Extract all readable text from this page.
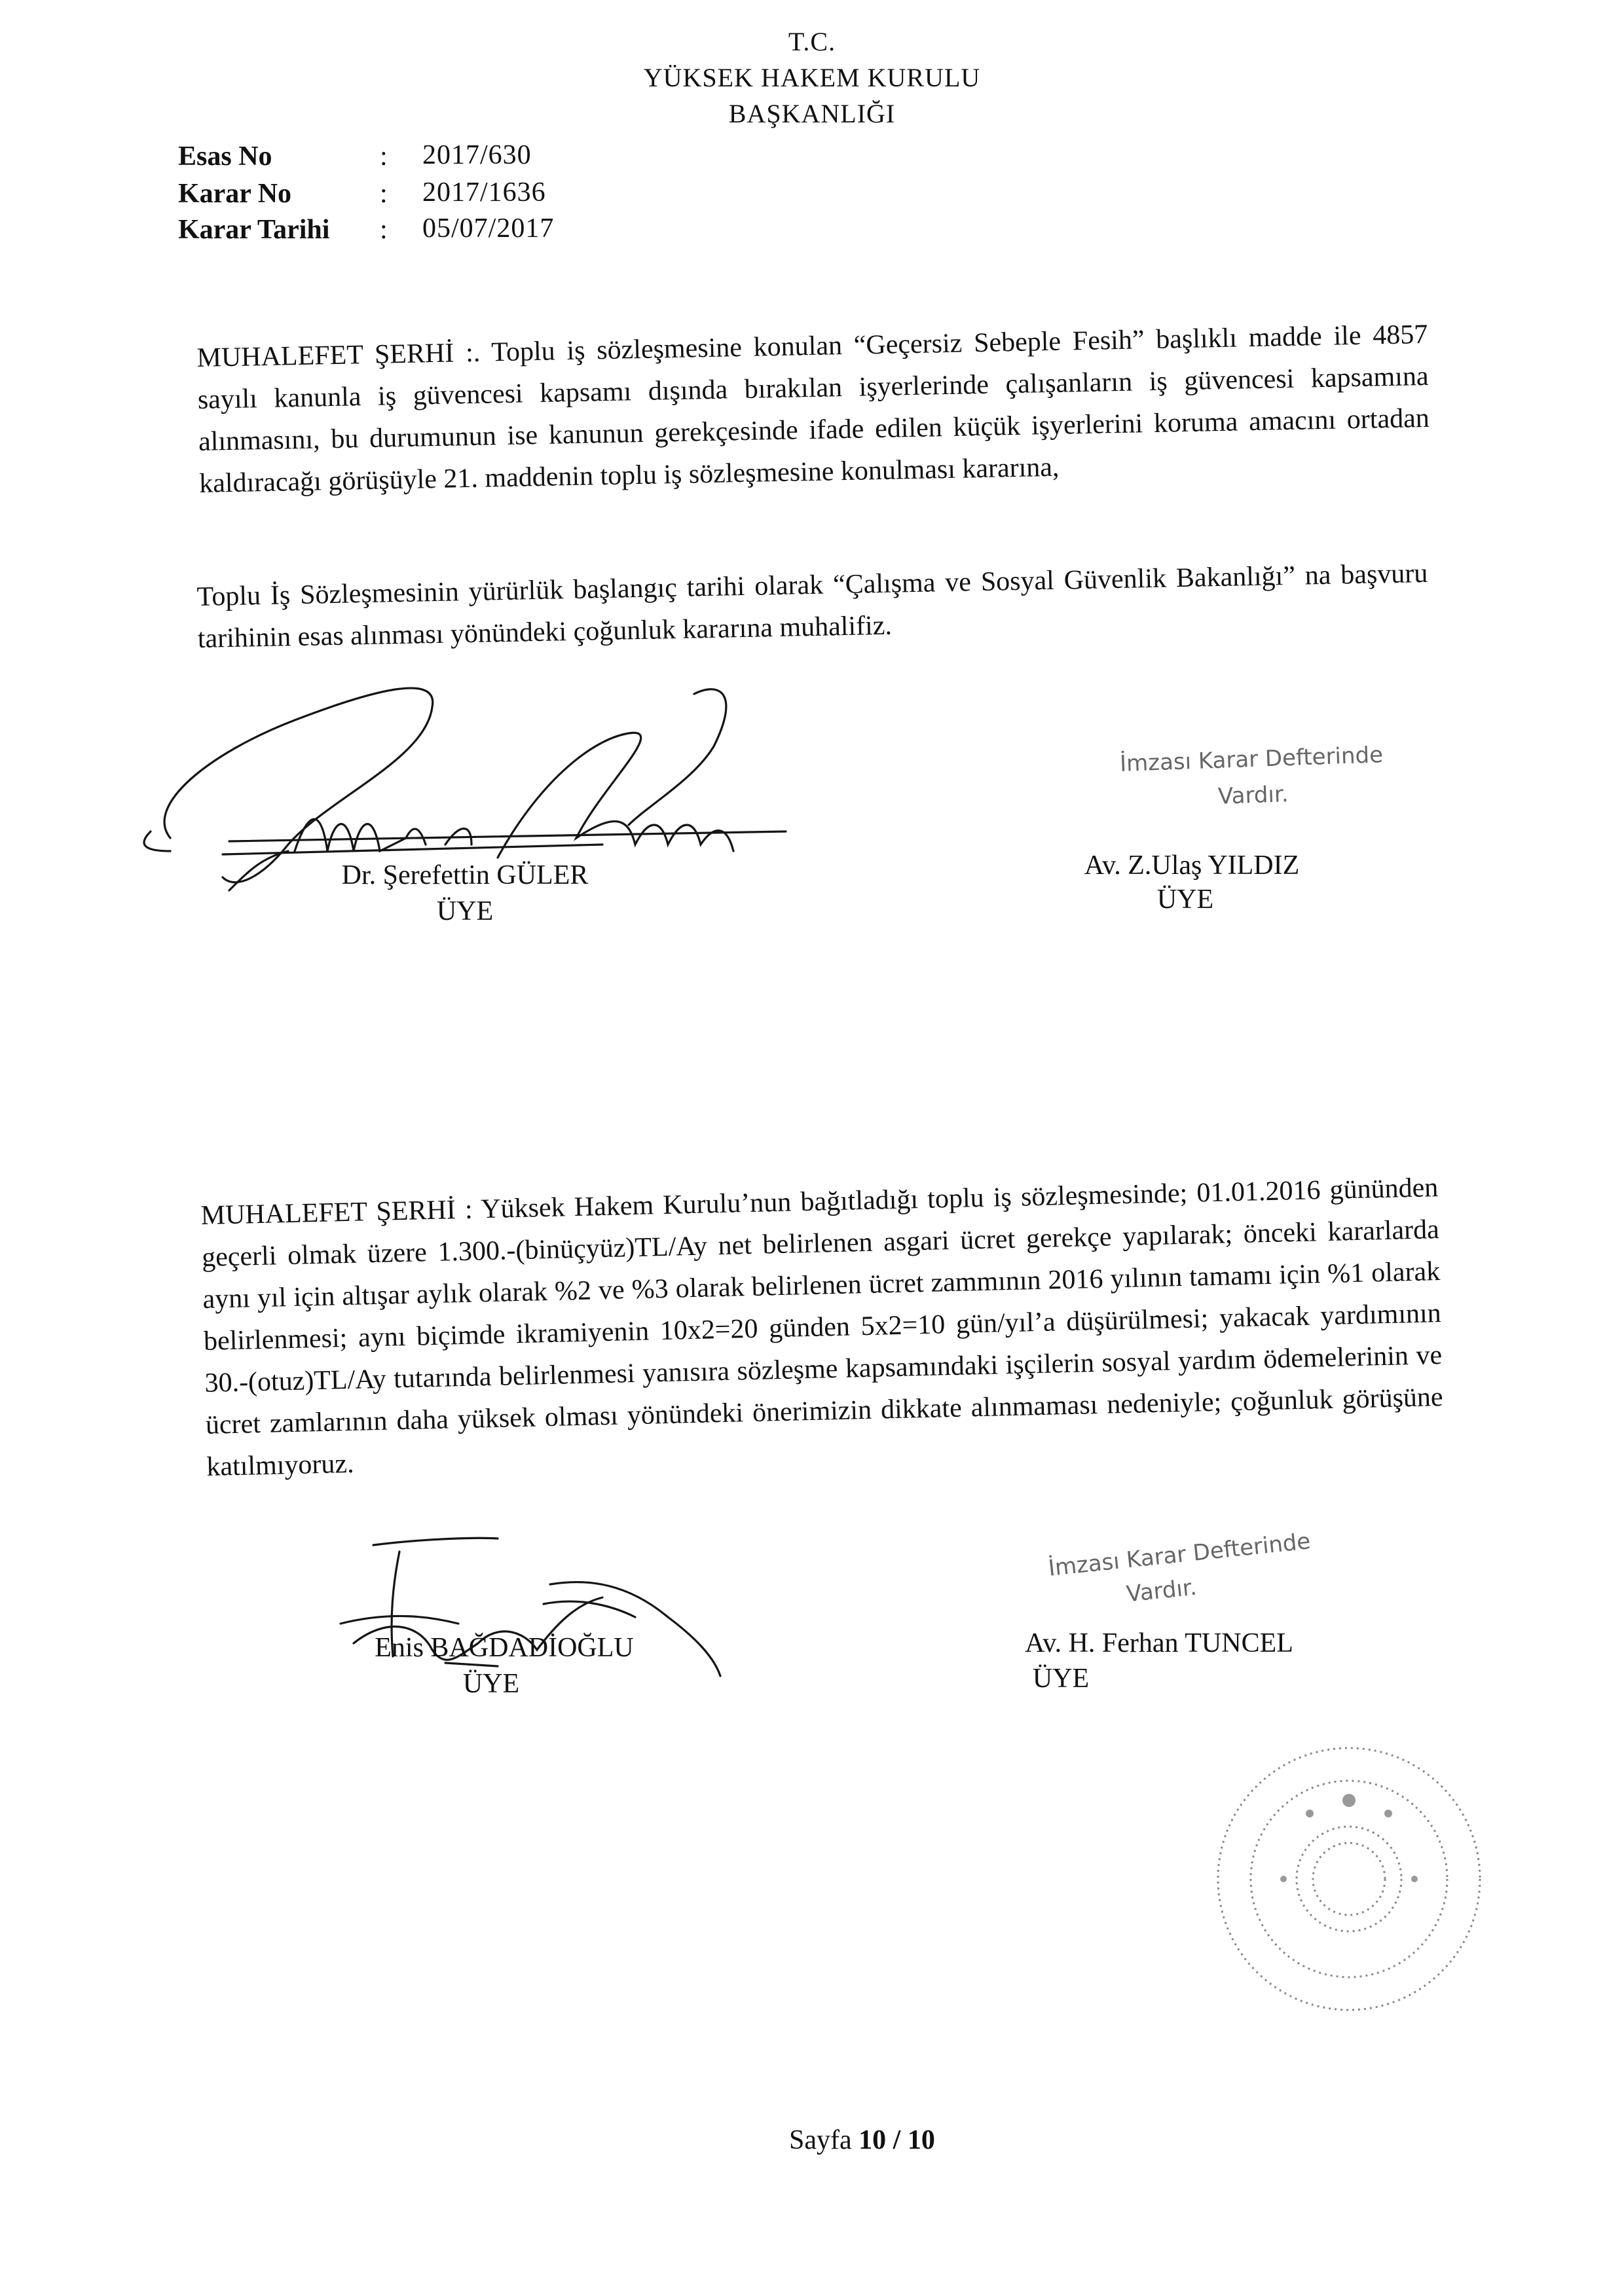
T.C.
YÜKSEK HAKEM KURULU
BAŞKANLIĞI
Esas No	: 2017/630
Karar No	: 2017/1636
Karar Tarihi : 05/07/2017
MUHALEFET ŞERHİ :. Toplu iş sözleşmesine konulan “Geçersiz Sebeple Fesih” başlıklı madde ile 4857 sayılı kanunla iş güvencesi kapsamı dışında bırakılan işyerlerinde çalışanların iş güvencesi kapsamına alınmasını, bu durumunun ise kanunun gerekçesinde ifade edilen küçük işyerlerini koruma amacını ortadan kaldıracağı görüşüyle 21. maddenin toplu iş sözleşmesine konulması kararına,
Toplu İş Sözleşmesinin yürürlük başlangıç tarihi olarak “Çalışma ve Sosyal Güvenlik Bakanlığı” na başvuru tarihinin esas alınması yönündeki çoğunluk kararına muhalifiz.
Dr. Şerefettin GÜLER
ÜYE
İmzası Karar Defterinde
Vardır.
Av. Z.Ulaş YILDIZ
ÜYE
MUHALEFET ŞERHİ : Yüksek Hakem Kurulu’nun bağıtladığı toplu iş sözleşmesinde; 01.01.2016 gününden geçerli olmak üzere 1.300.-(binüçyüz)TL/Ay net belirlenen asgari ücret gerekçe yapılarak; önceki kararlarda aynı yıl için altışar aylık olarak %2 ve %3 olarak belirlenen ücret zammının 2016 yılının tamamı için %1 olarak belirlenmesi; aynı biçimde ikramiyenin 10x2=20 günden 5x2=10 gün/yıl’a düşürülmesi; yakacak yardımının 30.-(otuz)TL/Ay tutarında belirlenmesi yanısıra sözleşme kapsamındaki işçilerin sosyal yardım ödemelerinin ve ücret zamlarının daha yüksek olması yönündeki önerimizin dikkate alınmaması nedeniyle; çoğunluk görüşüne katılmıyoruz.
Enis BAĞDADİOĞLU
ÜYE
İmzası Karar Defterinde
Vardır.
Av. H. Ferhan TUNCEL
ÜYE
Sayfa 10 / 10
